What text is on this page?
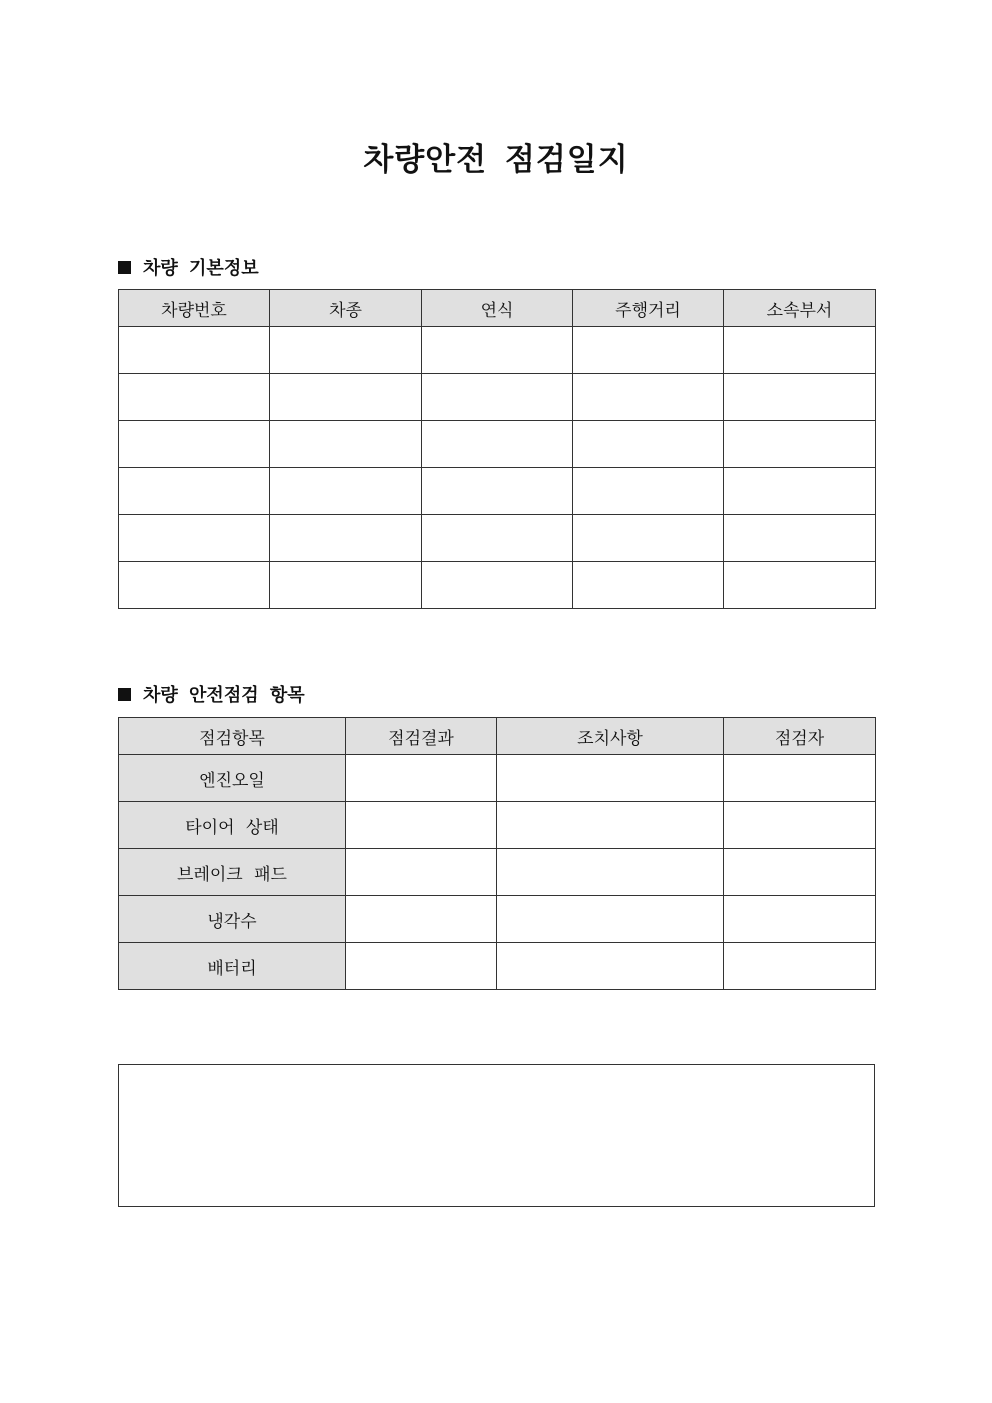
차량안전 점검일지
차량 기본정보
차량번호	차종	연식	주행거리	소속부서

차량 안전점검 항목
점검항목	점검결과	조치사항	점검자
엔진오일			
타이어 상태			
브레이크 패드			
냉각수			
배터리			
